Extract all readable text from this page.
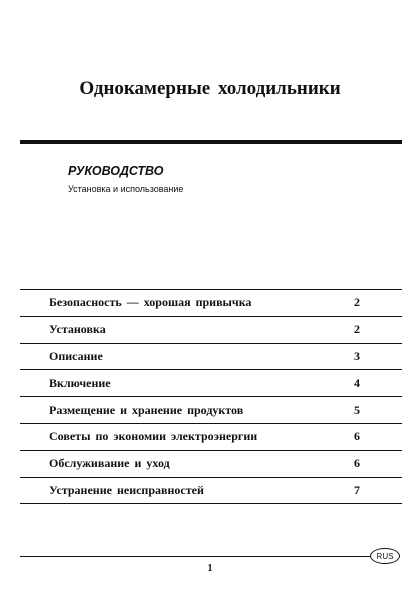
Однокамерные холодильники
РУКОВОДСТВО
Установка и использование
Безопасность — хорошая привычка	2
Установка	2
Описание	3
Включение	4
Размещение и хранение продуктов	5
Советы по экономии электроэнергии	6
Обслуживание и уход	6
Устранение неисправностей	7
1
RUS
